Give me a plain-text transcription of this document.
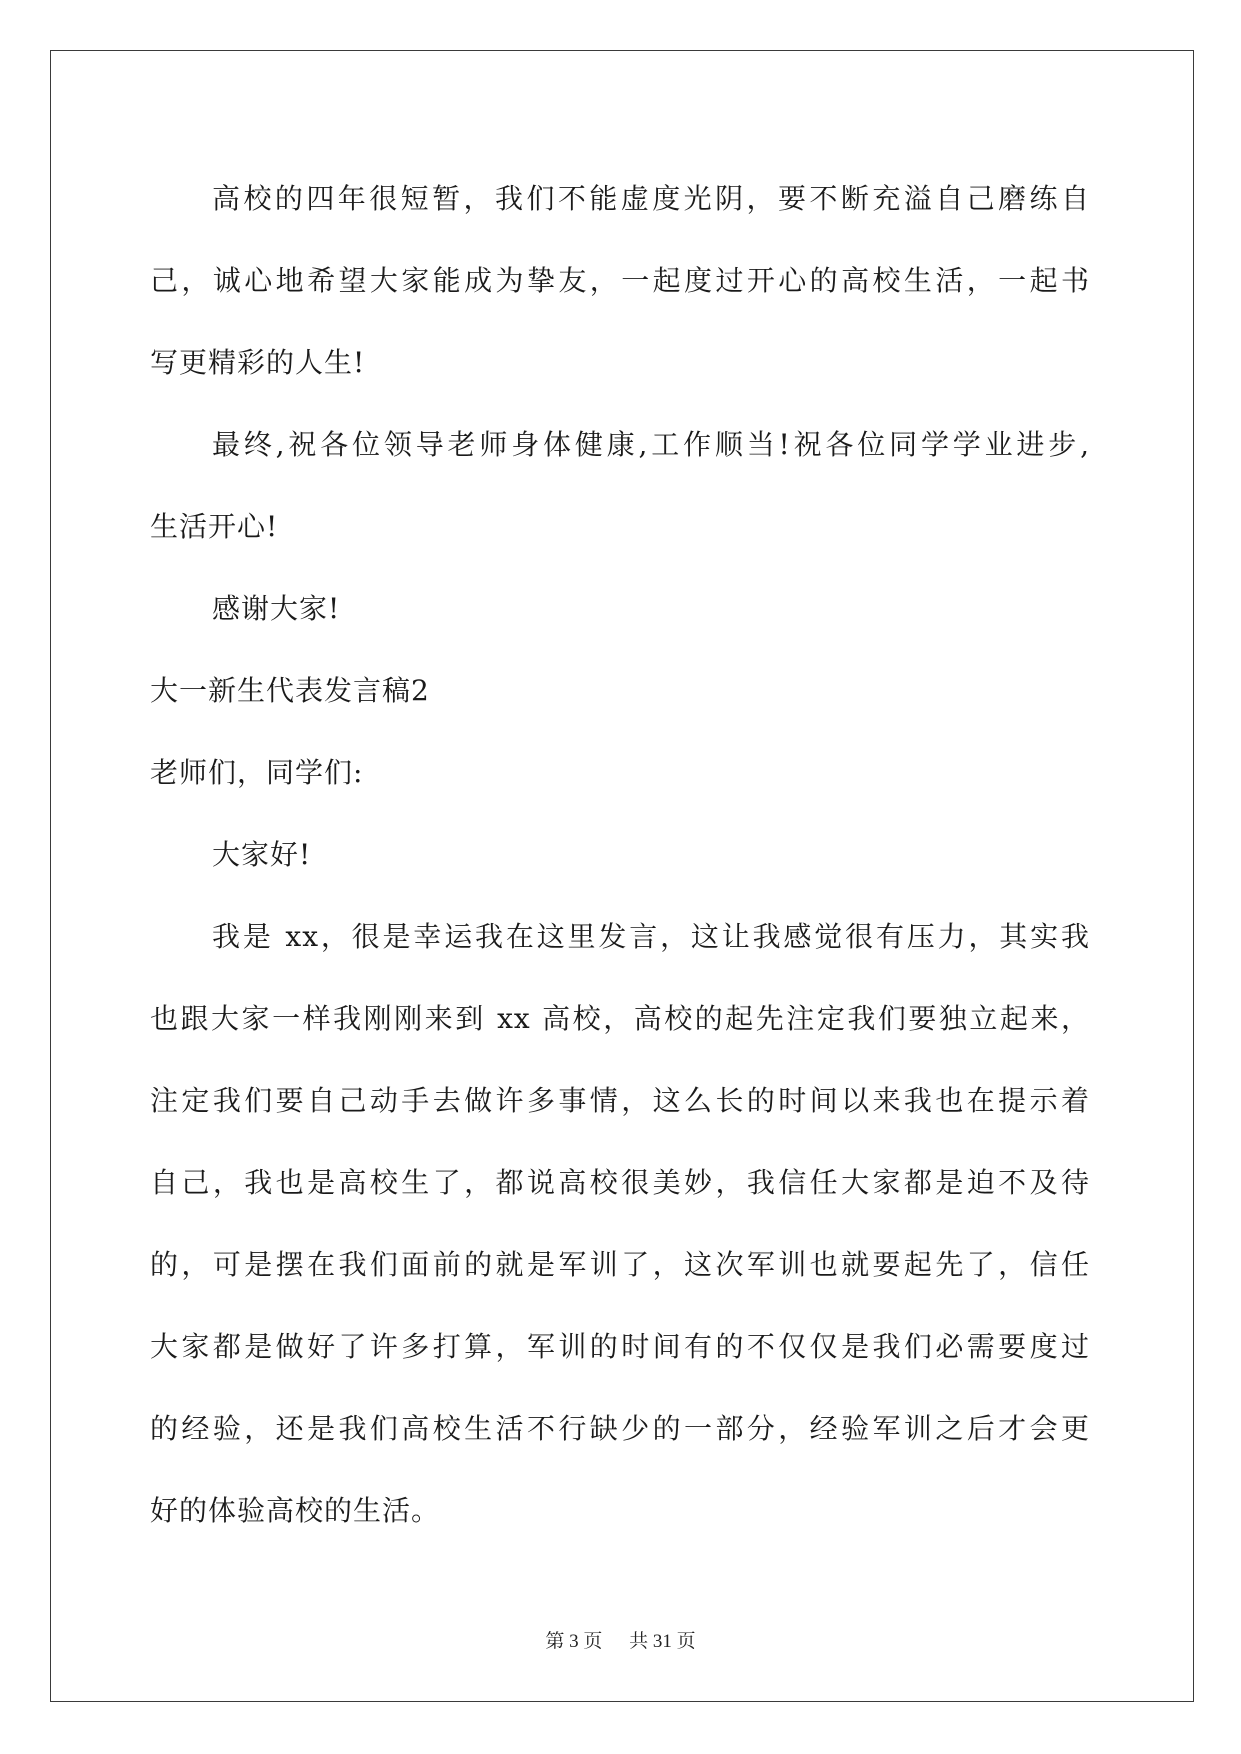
高校的四年很短暂，我们不能虚度光阴，要不断充溢自己磨练自
己，诚心地希望大家能成为挚友，一起度过开心的高校生活，一起书
写更精彩的人生!
最终,祝各位领导老师身体健康,工作顺当!祝各位同学学业进步,
生活开心!
感谢大家!
大一新生代表发言稿2
老师们，同学们:
大家好!
我是 xx，很是幸运我在这里发言，这让我感觉很有压力，其实我
也跟大家一样我刚刚来到 xx 高校，高校的起先注定我们要独立起来，
注定我们要自己动手去做许多事情，这么长的时间以来我也在提示着
自己，我也是高校生了，都说高校很美妙，我信任大家都是迫不及待
的，可是摆在我们面前的就是军训了，这次军训也就要起先了，信任
大家都是做好了许多打算，军训的时间有的不仅仅是我们必需要度过
的经验，还是我们高校生活不行缺少的一部分，经验军训之后才会更
好的体验高校的生活。
第 3 页 共 31 页
